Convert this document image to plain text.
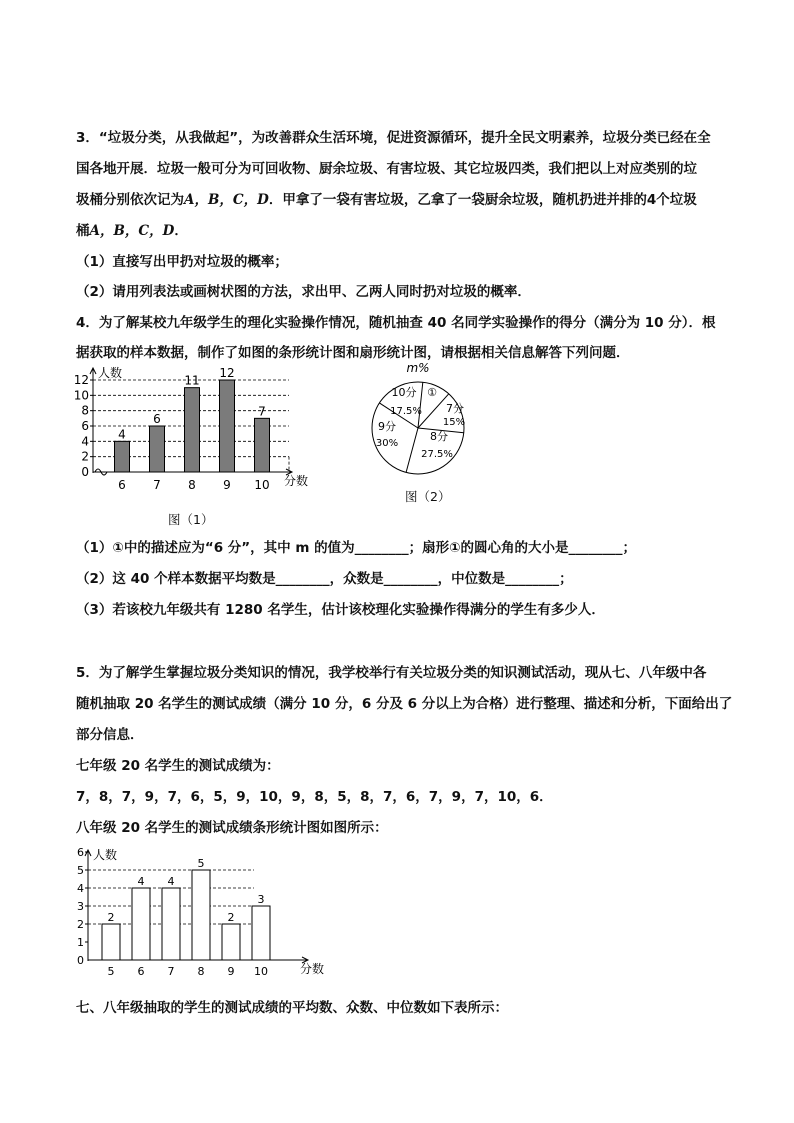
3．“垃圾分类，从我做起”，为改善群众生活环境，促进资源循环，提升全民文明素养，垃圾分类已经在全
国各地开展．垃圾一般可分为可回收物、厨余垃圾、有害垃圾、其它垃圾四类，我们把以上对应类别的垃
圾桶分别依次记为A，B，C，D．甲拿了一袋有害垃圾，乙拿了一袋厨余垃圾，随机扔进并排的4个垃圾
桶A，B，C，D．
（1）直接写出甲扔对垃圾的概率；
（2）请用列表法或画树状图的方法，求出甲、乙两人同时扔对垃圾的概率．
4．为了解某校九年级学生的理化实验操作情况，随机抽查 40 名同学实验操作的得分（满分为 10 分）．根
据获取的样本数据，制作了如图的条形统计图和扇形统计图，请根据相关信息解答下列问题．
人数
分数
0
2
4
6
8
10
12
4
6
6
7
11
8
12
9
7
10
图（1）
m%
①
7分
15%
8分
27.5%
9分
30%
10分
17.5%
图（2）
（1）①中的描述应为“6 分”，其中 m 的值为________；扇形①的圆心角的大小是________；
（2）这 40 个样本数据平均数是________，众数是________，中位数是________；
（3）若该校九年级共有 1280 名学生，估计该校理化实验操作得满分的学生有多少人．
5．为了解学生掌握垃圾分类知识的情况，我学校举行有关垃圾分类的知识测试活动，现从七、八年级中各
随机抽取 20 名学生的测试成绩（满分 10 分，6 分及 6 分以上为合格）进行整理、描述和分析，下面给出了
部分信息．
七年级 20 名学生的测试成绩为：
7，8，7，9，7，6，5，9，10，9，8，5，8，7，6，7，9，7，10，6．
八年级 20 名学生的测试成绩条形统计图如图所示：
人数
分数
0
1
2
3
4
5
6
2
5
4
6
4
7
5
8
2
9
3
10
七、八年级抽取的学生的测试成绩的平均数、众数、中位数如下表所示：
